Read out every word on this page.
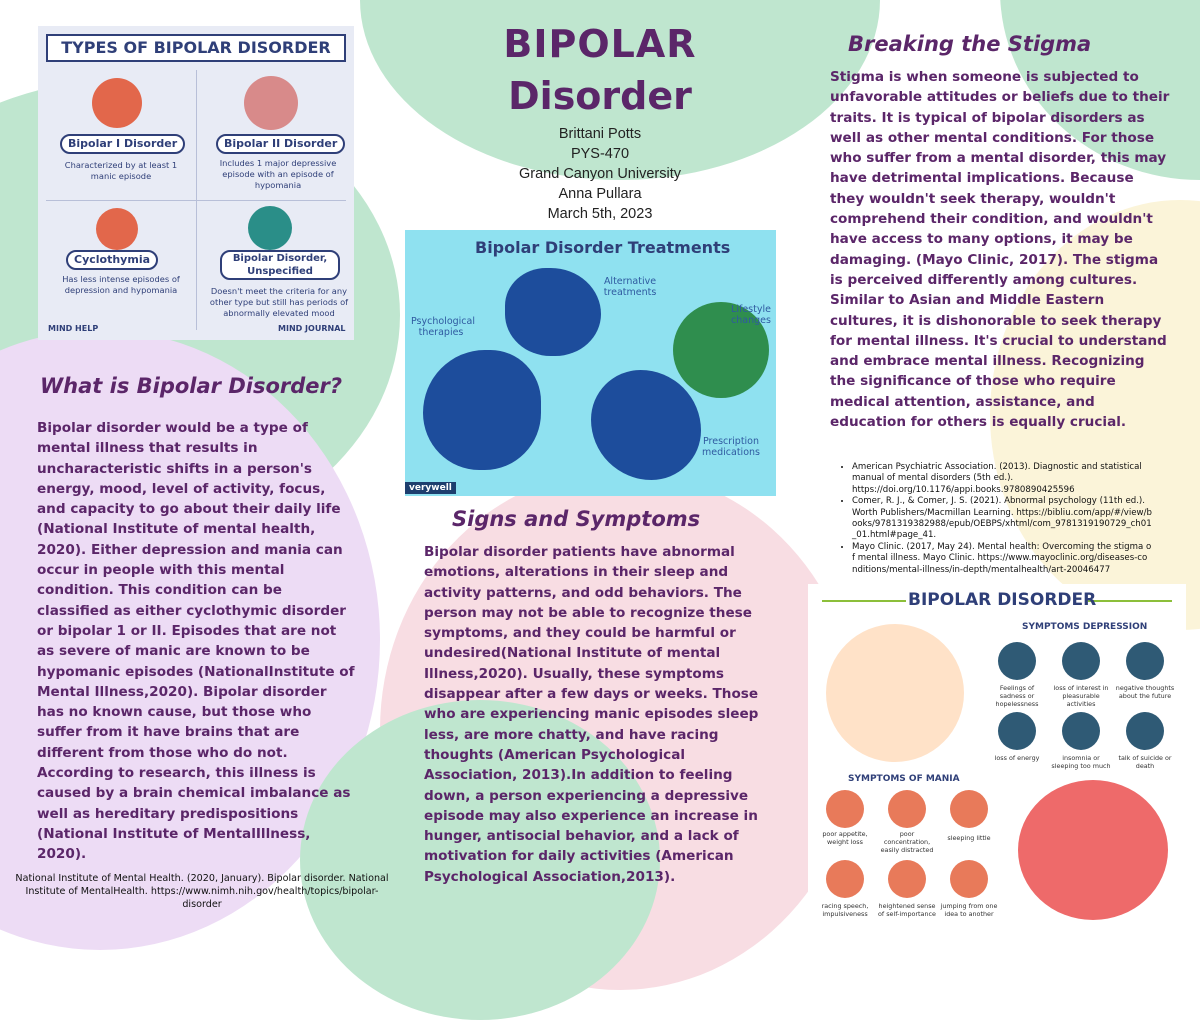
TYPES OF BIPOLAR DISORDER
Bipolar I Disorder
Characterized by at least 1 manic episode
Bipolar II Disorder
Includes 1 major depressive episode with an episode of hypomania
Cyclothymia
Has less intense episodes of depression and hypomania
Bipolar Disorder, Unspecified
Doesn't meet the criteria for any other type but still has periods of abnormally elevated mood
MIND HELP	MIND JOURNAL
BIPOLAR
Disorder
Brittani Potts
PYS-470
Grand Canyon University
Anna Pullara
March 5th, 2023
Bipolar Disorder Treatments
Alternative treatments
Lifestyle changes
Psychological therapies
Prescription medications
verywell
What is Bipolar Disorder?
Bipolar disorder would be a type of mental illness that results in uncharacteristic shifts in a person's energy, mood, level of activity, focus, and capacity to go about their daily life (National Institute of mental health, 2020). Either depression and mania can occur in people with this mental condition. This condition can be classified as either cyclothymic disorder or bipolar 1 or II. Episodes that are not as severe of manic are known to be hypomanic episodes (NationalInstitute of Mental Illness,2020). Bipolar disorder has no known cause, but those who suffer from it have brains that are different from those who do not. According to research, this illness is caused by a brain chemical imbalance as well as hereditary predispositions (National Institute of MentalIllness, 2020).
National Institute of Mental Health. (2020, January). Bipolar disorder. National Institute of MentalHealth. https://www.nimh.nih.gov/health/topics/bipolar-disorder
Signs and Symptoms
Bipolar disorder patients have abnormal emotions, alterations in their sleep and activity patterns, and odd behaviors. The person may not be able to recognize these symptoms, and they could be harmful or undesired(National Institute of mental Illness,2020). Usually, these symptoms disappear after a few days or weeks. Those who are experiencing manic episodes sleep less, are more chatty, and have racing thoughts (American Psychological Association, 2013).In addition to feeling down, a person experiencing a depressive episode may also experience an increase in hunger, antisocial behavior, and a lack of motivation for daily activities (American Psychological Association,2013).
Breaking the Stigma
Stigma is when someone is subjected to unfavorable attitudes or beliefs due to their traits. It is typical of bipolar disorders as well as other mental conditions. For those who suffer from a mental disorder, this may have detrimental implications. Because they wouldn't seek therapy, wouldn't comprehend their condition, and wouldn't have access to many options, it may be damaging. (Mayo Clinic, 2017). The stigma is perceived differently among cultures. Similar to Asian and Middle Eastern cultures, it is dishonorable to seek therapy for mental illness. It's crucial to understand and embrace mental illness. Recognizing the significance of those who require medical attention, assistance, and education for others is equally crucial.
• American Psychiatric Association. (2013). Diagnostic and statistical manual of mental disorders (5th ed.). https://doi.org/10.1176/appi.books.9780890425596
• Comer, R. J., & Comer, J. S. (2021). Abnormal psychology (11th ed.). Worth Publishers/Macmillan Learning. https://bibliu.com/app/#/view/books/9781319382988/epub/OEBPS/xhtml/com_9781319190729_ch01_01.html#page_41.
• Mayo Clinic. (2017, May 24). Mental health: Overcoming the stigma of mental illness. Mayo Clinic. https://www.mayoclinic.org/diseases-conditions/mental-illness/in-depth/mentalhealth/art-20046477
BIPOLAR DISORDER
SYMPTOMS DEPRESSION
Feelings of sadness or hopelessness
loss of interest in pleasurable activities
negative thoughts about the future
loss of energy	insomnia or sleeping too much
talk of suicide or death
SYMPTOMS OF MANIA
poor appetite, weight loss
poor concentration, easily distracted
sleeping little
racing speech, impulsiveness
heightened sense of self-importance
jumping from one idea to another
